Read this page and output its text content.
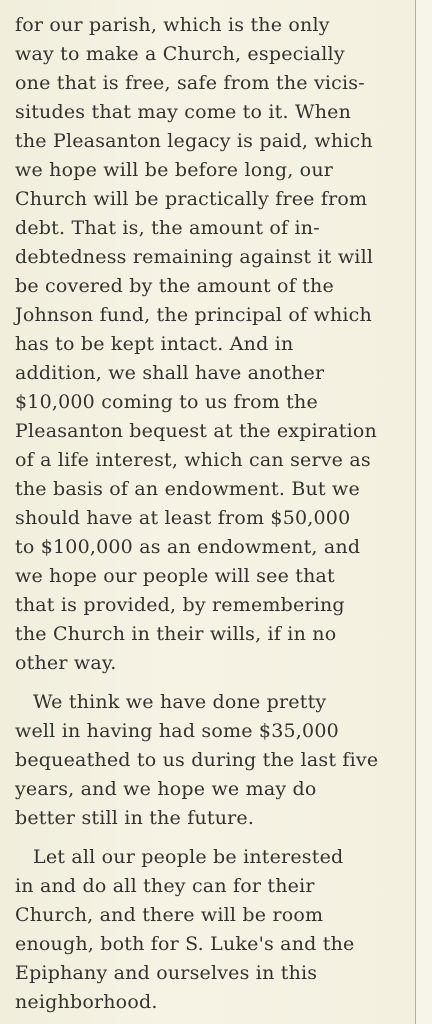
for our parish, which is the only
way to make a Church, especially
one that is free, safe from the vicis-
situdes that may come to it. When
the Pleasanton legacy is paid, which
we hope will be before long, our
Church will be practically free from
debt. That is, the amount of in-
debtedness remaining against it will
be covered by the amount of the
Johnson fund, the principal of which
has to be kept intact. And in
addition, we shall have another
$10,000 coming to us from the
Pleasanton bequest at the expiration
of a life interest, which can serve as
the basis of an endowment. But we
should have at least from $50,000
to $100,000 as an endowment, and
we hope our people will see that
that is provided, by remembering
the Church in their wills, if in no
other way.
We think we have done pretty
well in having had some $35,000
bequeathed to us during the last five
years, and we hope we may do
better still in the future.
Let all our people be interested
in and do all they can for their
Church, and there will be room
enough, both for S. Luke's and the
Epiphany and ourselves in this
neighborhood.
